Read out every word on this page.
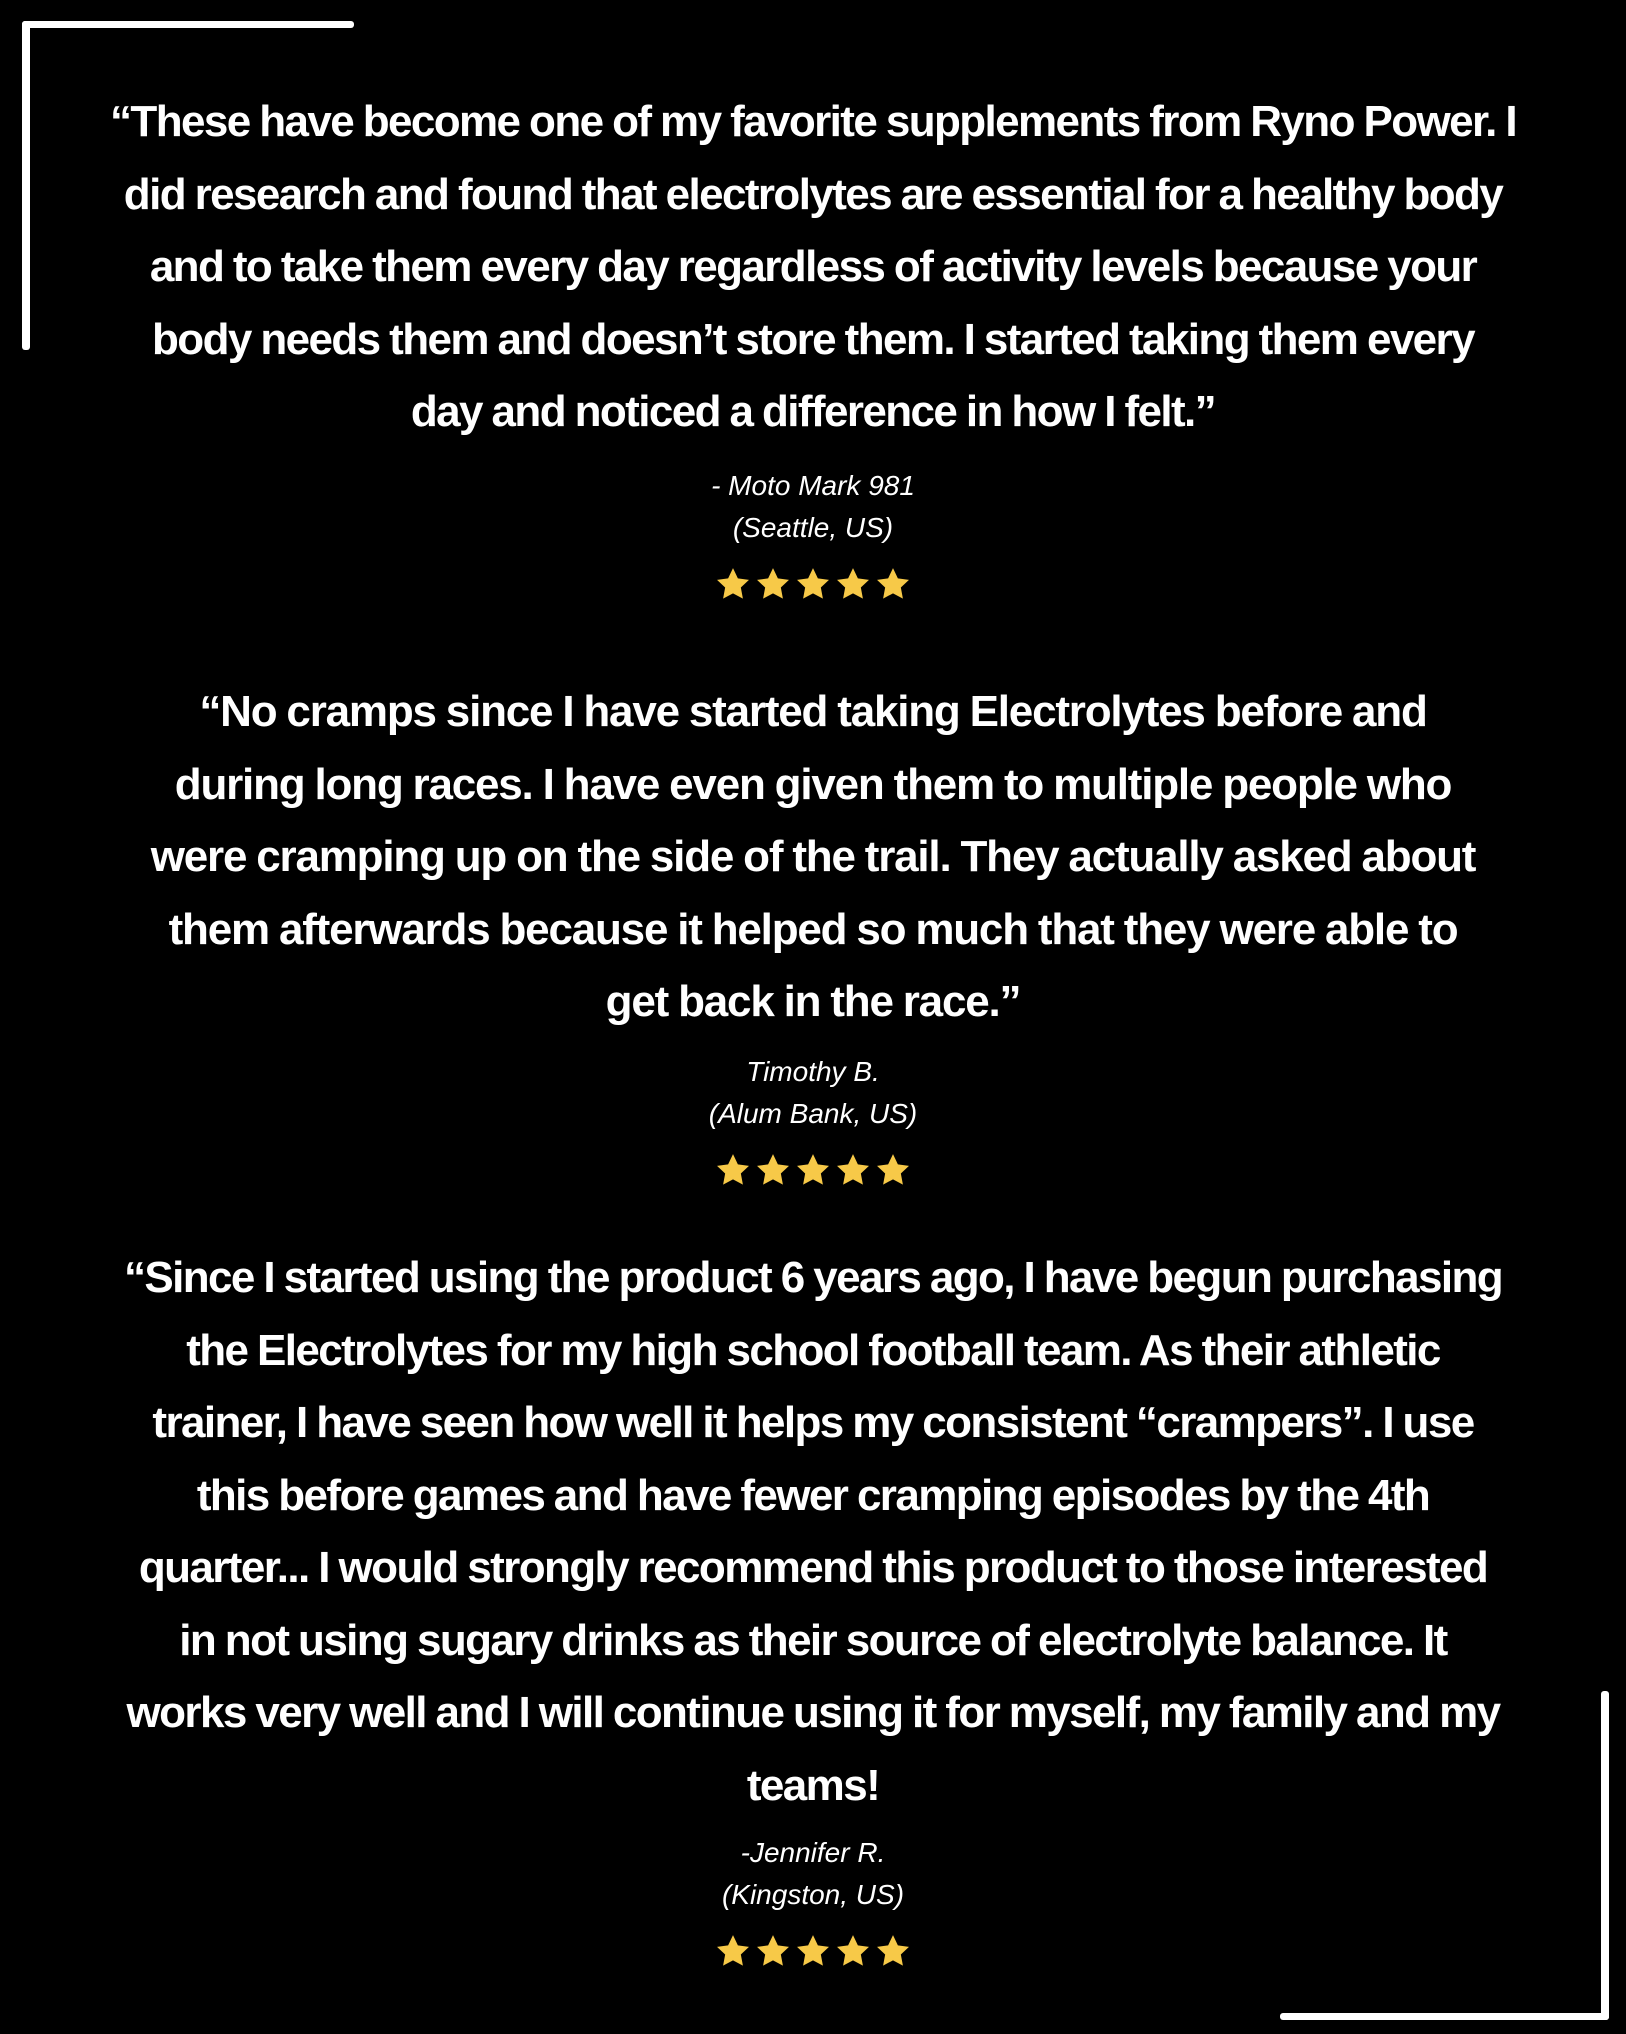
“These have become one of my favorite supplements from Ryno Power. I
did research and found that electrolytes are essential for a healthy body
and to take them every day regardless of activity levels because your
body needs them and doesn’t store them. I started taking them every
day and noticed a difference in how I felt.”

- Moto Mark 981

(Seattle, US)

“No cramps since I have started taking Electrolytes before and
during long races. I have even given them to multiple people who
were cramping up on the side of the trail. They actually asked about
them afterwards because it helped so much that they were able to
get back in the race.”

Timothy B.

(Alum Bank, US)

“Since I started using the product 6 years ago, I have begun purchasing
the Electrolytes for my high school football team. As their athletic
trainer, I have seen how well it helps my consistent “crampers”. I use
this before games and have fewer cramping episodes by the 4th
quarter... I would strongly recommend this product to those interested
in not using sugary drinks as their source of electrolyte balance. It
works very well and I will continue using it for myself, my family and my
teams!

-Jennifer R.

(Kingston, US)
